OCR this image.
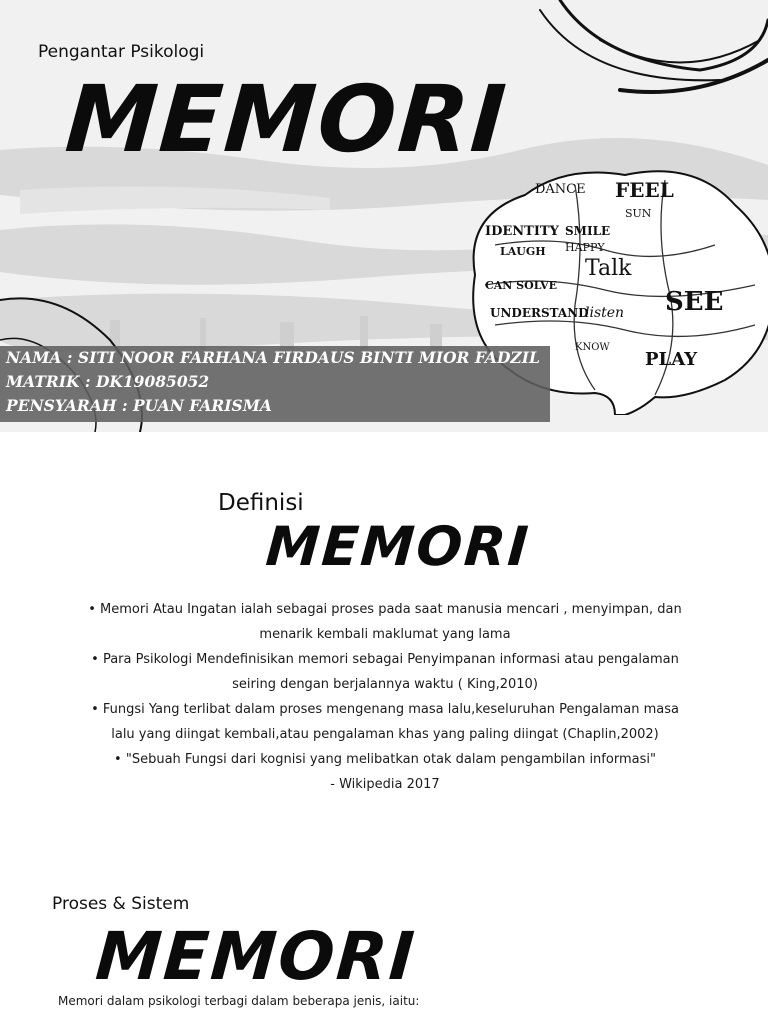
Pengantar Psikologi
MEMORI
DANCE FEEL
SUN
IDENTITY
LAUGH
SMILE
HAPPY
Talk
CAN SOLVE
UNDERSTAND
listen SEE
KNOW
PLAY
NAMA : SITI NOOR FARHANA FIRDAUS BINTI MIOR FADZIL
MATRIK : DK19085052
PENSYARAH : PUAN FARISMA
Definisi
MEMORI
• Memori Atau Ingatan ialah sebagai proses pada saat manusia mencari , menyimpan, dan
menarik kembali maklumat yang lama
• Para Psikologi Mendefinisikan memori sebagai Penyimpanan informasi atau pengalaman
seiring dengan berjalannya waktu ( King,2010)
• Fungsi Yang terlibat dalam proses mengenang masa lalu,keseluruhan Pengalaman masa
lalu yang diingat kembali,atau pengalaman khas yang paling diingat (Chaplin,2002)
• "Sebuah Fungsi dari kognisi yang melibatkan otak dalam pengambilan informasi"
- Wikipedia 2017
Proses & Sistem
MEMORI
Memori dalam psikologi terbagi dalam beberapa jenis, iaitu:
